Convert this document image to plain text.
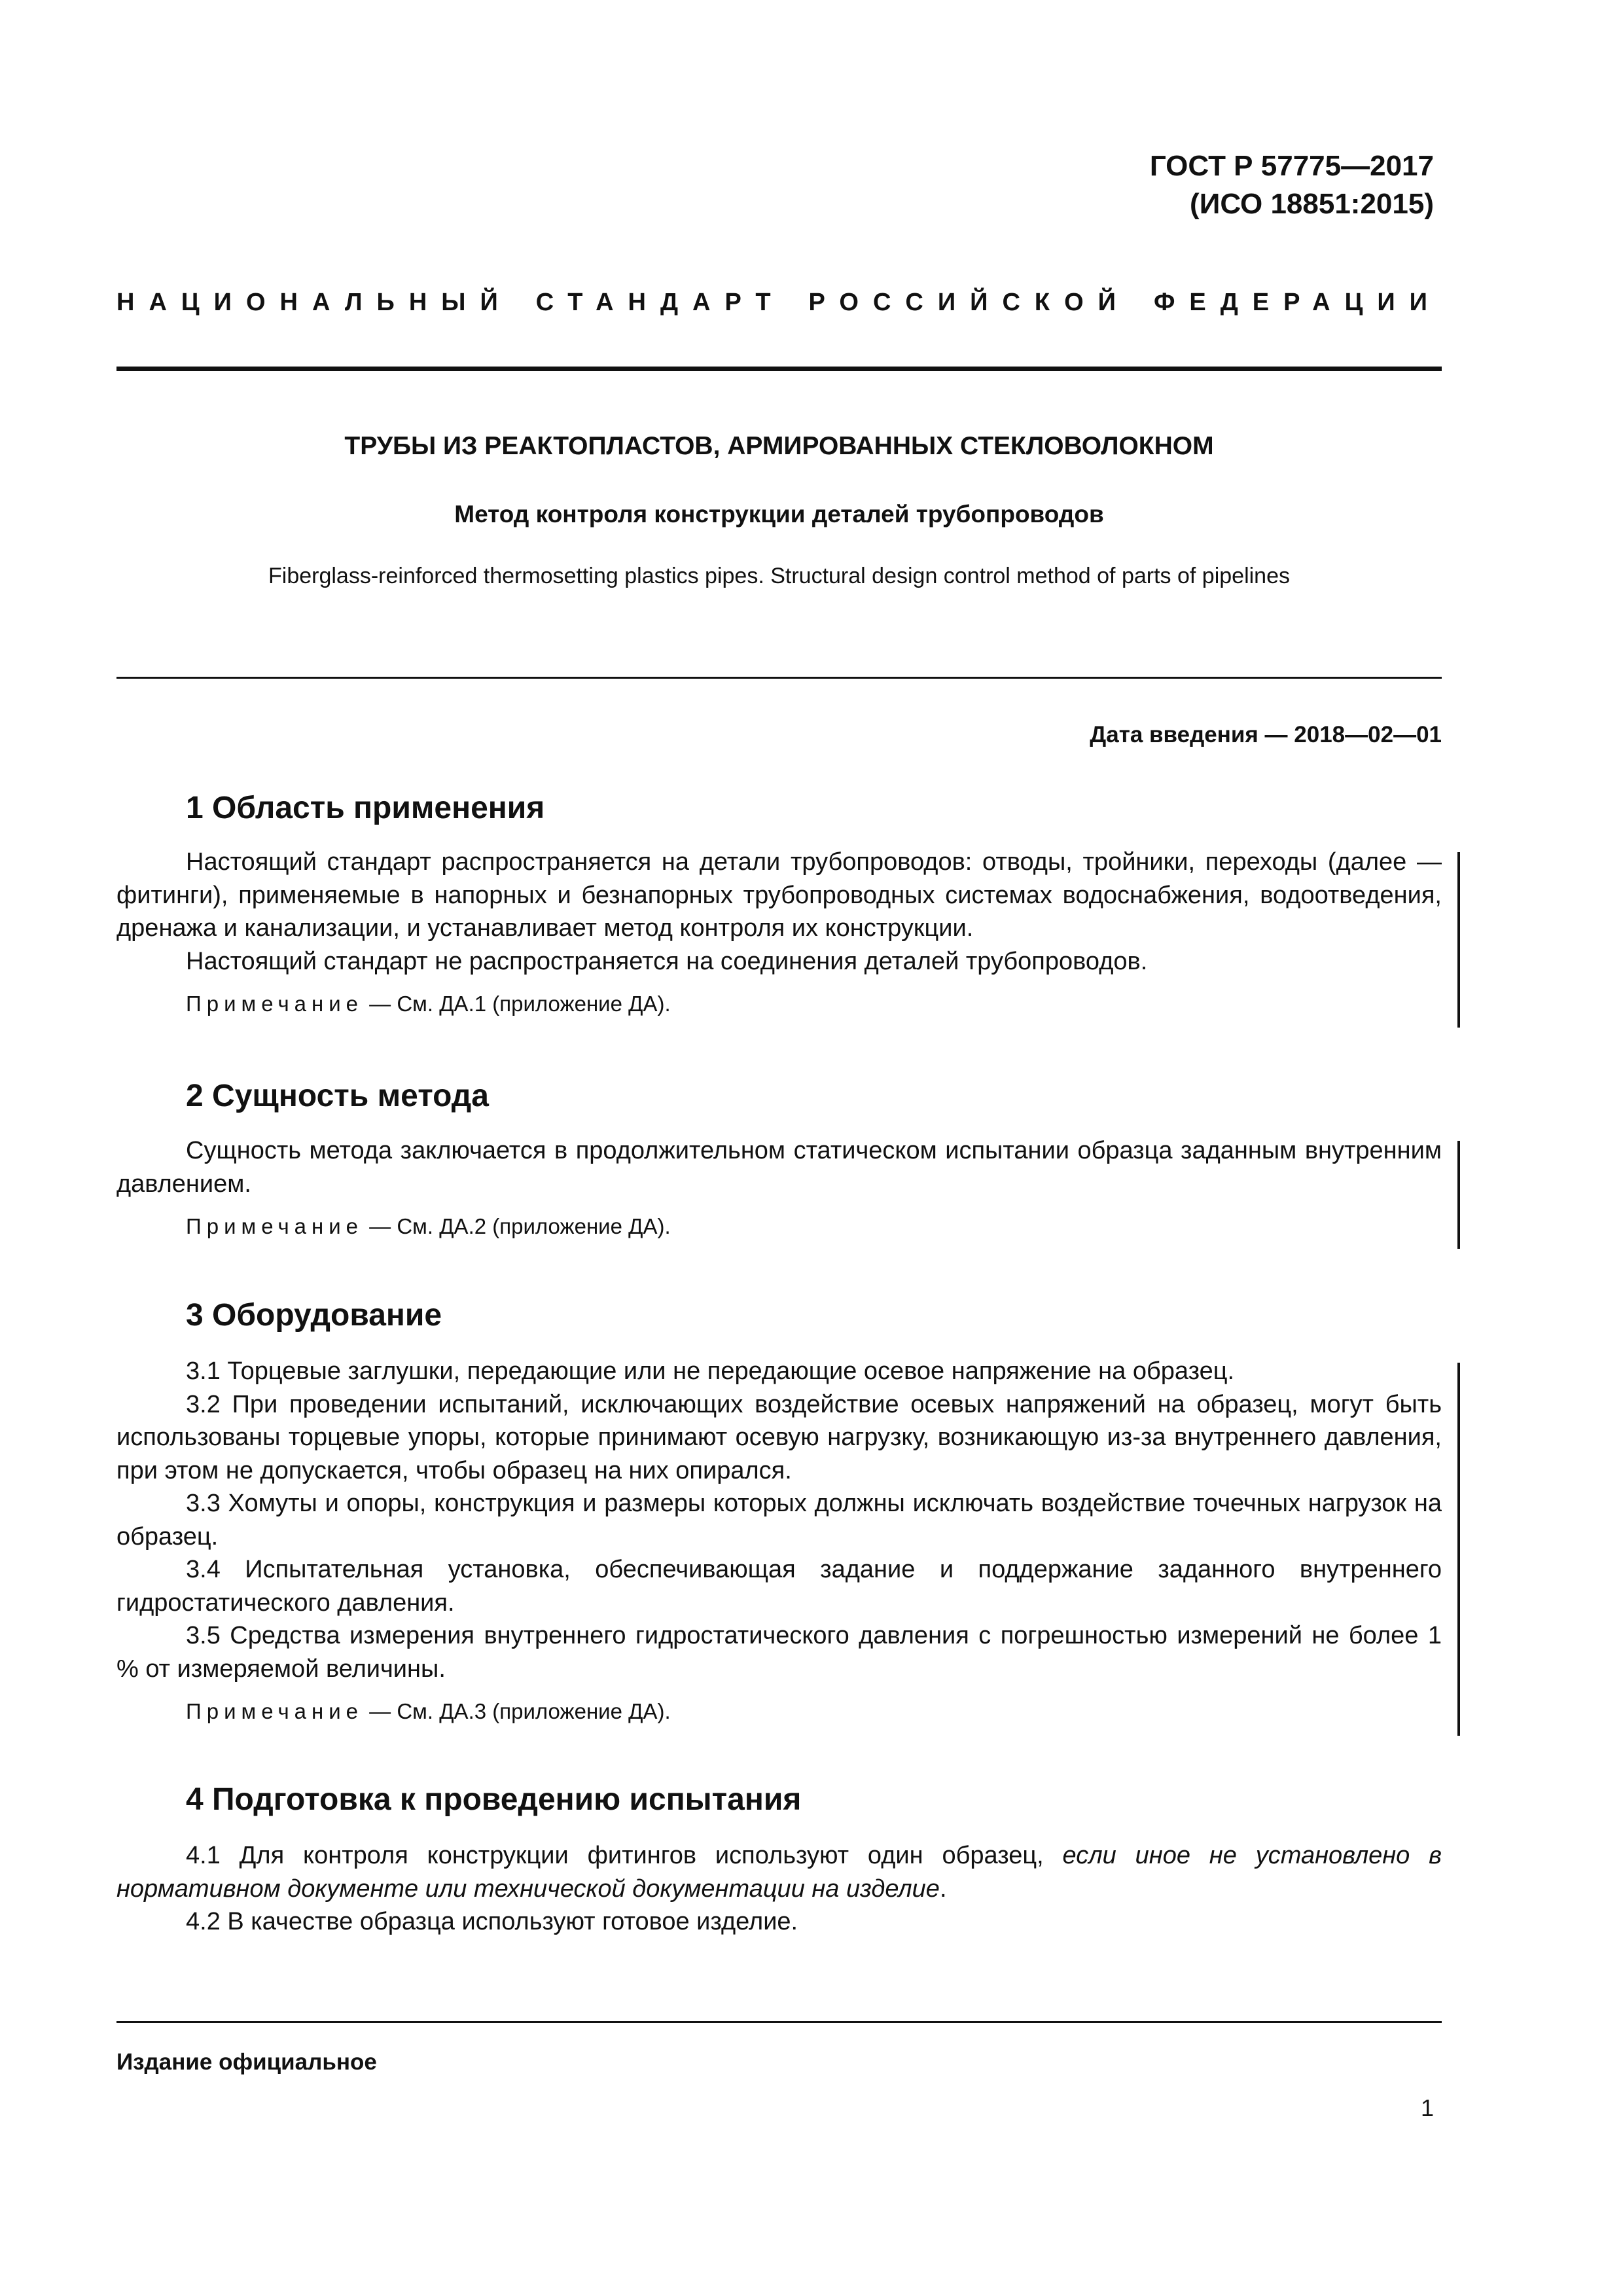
ГОСТ Р 57775—2017
(ИСО 18851:2015)
НАЦИОНАЛЬНЫЙ СТАНДАРТ РОССИЙСКОЙ ФЕДЕРАЦИИ
ТРУБЫ ИЗ РЕАКТОПЛАСТОВ, АРМИРОВАННЫХ СТЕКЛОВОЛОКНОМ
Метод контроля конструкции деталей трубопроводов
Fiberglass-reinforced thermosetting plastics pipes. Structural design control method of parts of pipelines
Дата введения — 2018—02—01
1 Область применения

Настоящий стандарт распространяется на детали трубопроводов: отводы, тройники, переходы (далее — фитинги), применяемые в напорных и безнапорных трубопроводных системах водоснабжения, водоотведения, дренажа и канализации, и устанавливает метод контроля их конструкции.

Настоящий стандарт не распространяется на соединения деталей трубопроводов.

Примечание — См. ДА.1 (приложение ДА).
2 Сущность метода

Сущность метода заключается в продолжительном статическом испытании образца заданным внутренним давлением.

Примечание — См. ДА.2 (приложение ДА).
3 Оборудование

3.1 Торцевые заглушки, передающие или не передающие осевое напряжение на образец.

3.2 При проведении испытаний, исключающих воздействие осевых напряжений на образец, могут быть использованы торцевые упоры, которые принимают осевую нагрузку, возникающую из-за внутреннего давления, при этом не допускается, чтобы образец на них опирался.

3.3 Хомуты и опоры, конструкция и размеры которых должны исключать воздействие точечных нагрузок на образец.

3.4 Испытательная установка, обеспечивающая задание и поддержание заданного внутреннего гидростатического давления.

3.5 Средства измерения внутреннего гидростатического давления с погрешностью измерений не более 1 % от измеряемой величины.

Примечание — См. ДА.3 (приложение ДА).
4 Подготовка к проведению испытания

4.1 Для контроля конструкции фитингов используют один образец, если иное не установлено в нормативном документе или технической документации на изделие.

4.2 В качестве образца используют готовое изделие.

Издание официальное
1
